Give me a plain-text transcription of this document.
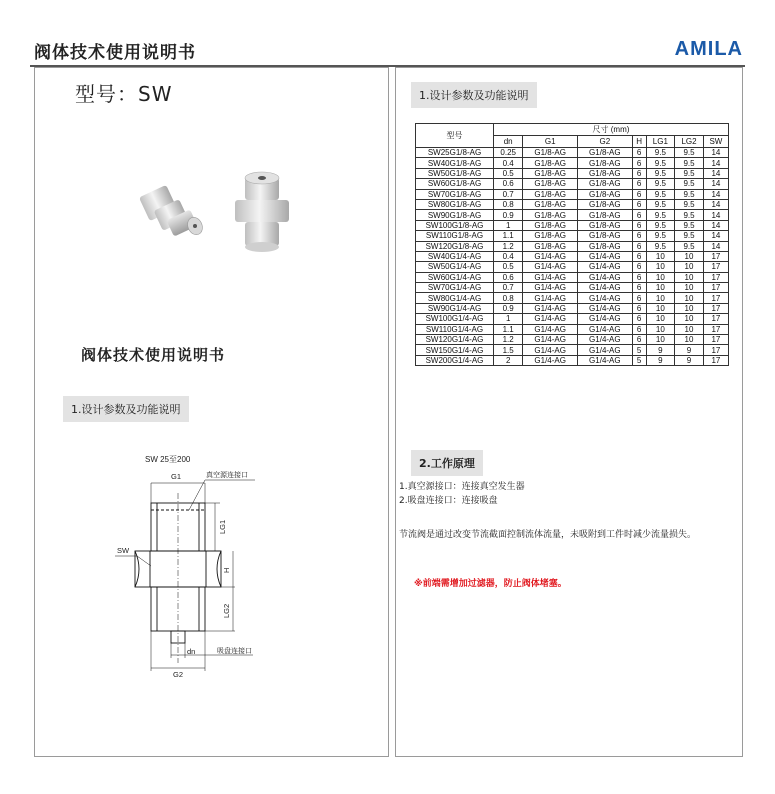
阀体技术使用说明书	AMILA
型号：SW
阀体技术使用说明书
1.设计参数及功能说明
SW 25至200
G1	真空源连接口
SW
G2
dn	吸盘连接口
LG1
H
LG2
1.设计参数及功能说明
型号	尺寸 (mm)						
	dn	G1	G2	H	LG1	LG2	SW
SW25G1/8-AG	0.25	G1/8-AG	G1/8-AG	6	9.5	9.5	14
SW40G1/8-AG	0.4	G1/8-AG	G1/8-AG	6	9.5	9.5	14
SW50G1/8-AG	0.5	G1/8-AG	G1/8-AG	6	9.5	9.5	14
SW60G1/8-AG	0.6	G1/8-AG	G1/8-AG	6	9.5	9.5	14
SW70G1/8-AG	0.7	G1/8-AG	G1/8-AG	6	9.5	9.5	14
SW80G1/8-AG	0.8	G1/8-AG	G1/8-AG	6	9.5	9.5	14
SW90G1/8-AG	0.9	G1/8-AG	G1/8-AG	6	9.5	9.5	14
SW100G1/8-AG	1	G1/8-AG	G1/8-AG	6	9.5	9.5	14
SW110G1/8-AG	1.1	G1/8-AG	G1/8-AG	6	9.5	9.5	14
SW120G1/8-AG	1.2	G1/8-AG	G1/8-AG	6	9.5	9.5	14
SW40G1/4-AG	0.4	G1/4-AG	G1/4-AG	6	10	10	17
SW50G1/4-AG	0.5	G1/4-AG	G1/4-AG	6	10	10	17
SW60G1/4-AG	0.6	G1/4-AG	G1/4-AG	6	10	10	17
SW70G1/4-AG	0.7	G1/4-AG	G1/4-AG	6	10	10	17
SW80G1/4-AG	0.8	G1/4-AG	G1/4-AG	6	10	10	17
SW90G1/4-AG	0.9	G1/4-AG	G1/4-AG	6	10	10	17
SW100G1/4-AG	1	G1/4-AG	G1/4-AG	6	10	10	17
SW110G1/4-AG	1.1	G1/4-AG	G1/4-AG	6	10	10	17
SW120G1/4-AG	1.2	G1/4-AG	G1/4-AG	6	10	10	17
SW150G1/4-AG	1.5	G1/4-AG	G1/4-AG	5	9	9	17
SW200G1/4-AG	2	G1/4-AG	G1/4-AG	5	9	9	17
2.工作原理
1.真空源接口：连接真空发生器
2.吸盘连接口：连接吸盘
节流阀是通过改变节流截面控制流体流量，未吸附到工件时减少流量损失。
※前端需增加过滤器，防止阀体堵塞。
